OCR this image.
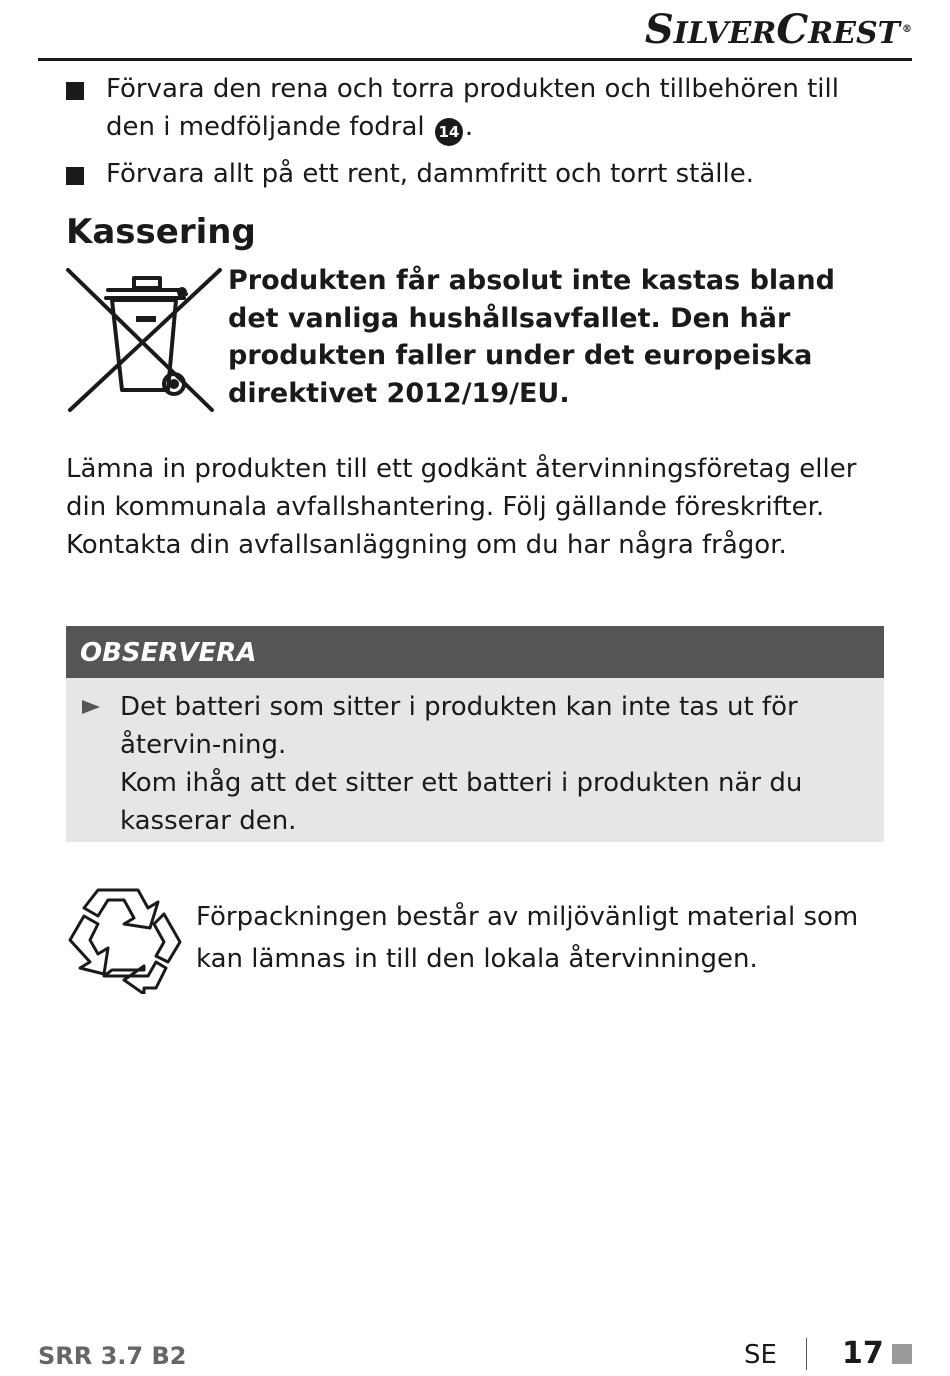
SILVERCREST ®
Förvara den rena och torra produkten och tillbehören till den i medföljande fodral 14 .
Förvara allt på ett rent, dammfritt och torrt ställe.
Kassering
Produkten får absolut inte kastas bland det vanliga hushållsavfallet. Den här produkten faller under det europeiska direktivet 2012/19/EU.
Lämna in produkten till ett godkänt återvinningsföretag eller din kommunala avfallshantering. Följ gällande föreskrifter. Kontakta din avfallsanläggning om du har några frågor.
OBSERVERA

Det batteri som sitter i produkten kan inte tas ut för återvin-ning.

Kom ihåg att det sitter ett batteri i produkten när du kasserar den.

Förpackningen består av miljövänligt material som kan lämnas in till den lokala återvinningen.
SRR 3.7 B2	SE 17
